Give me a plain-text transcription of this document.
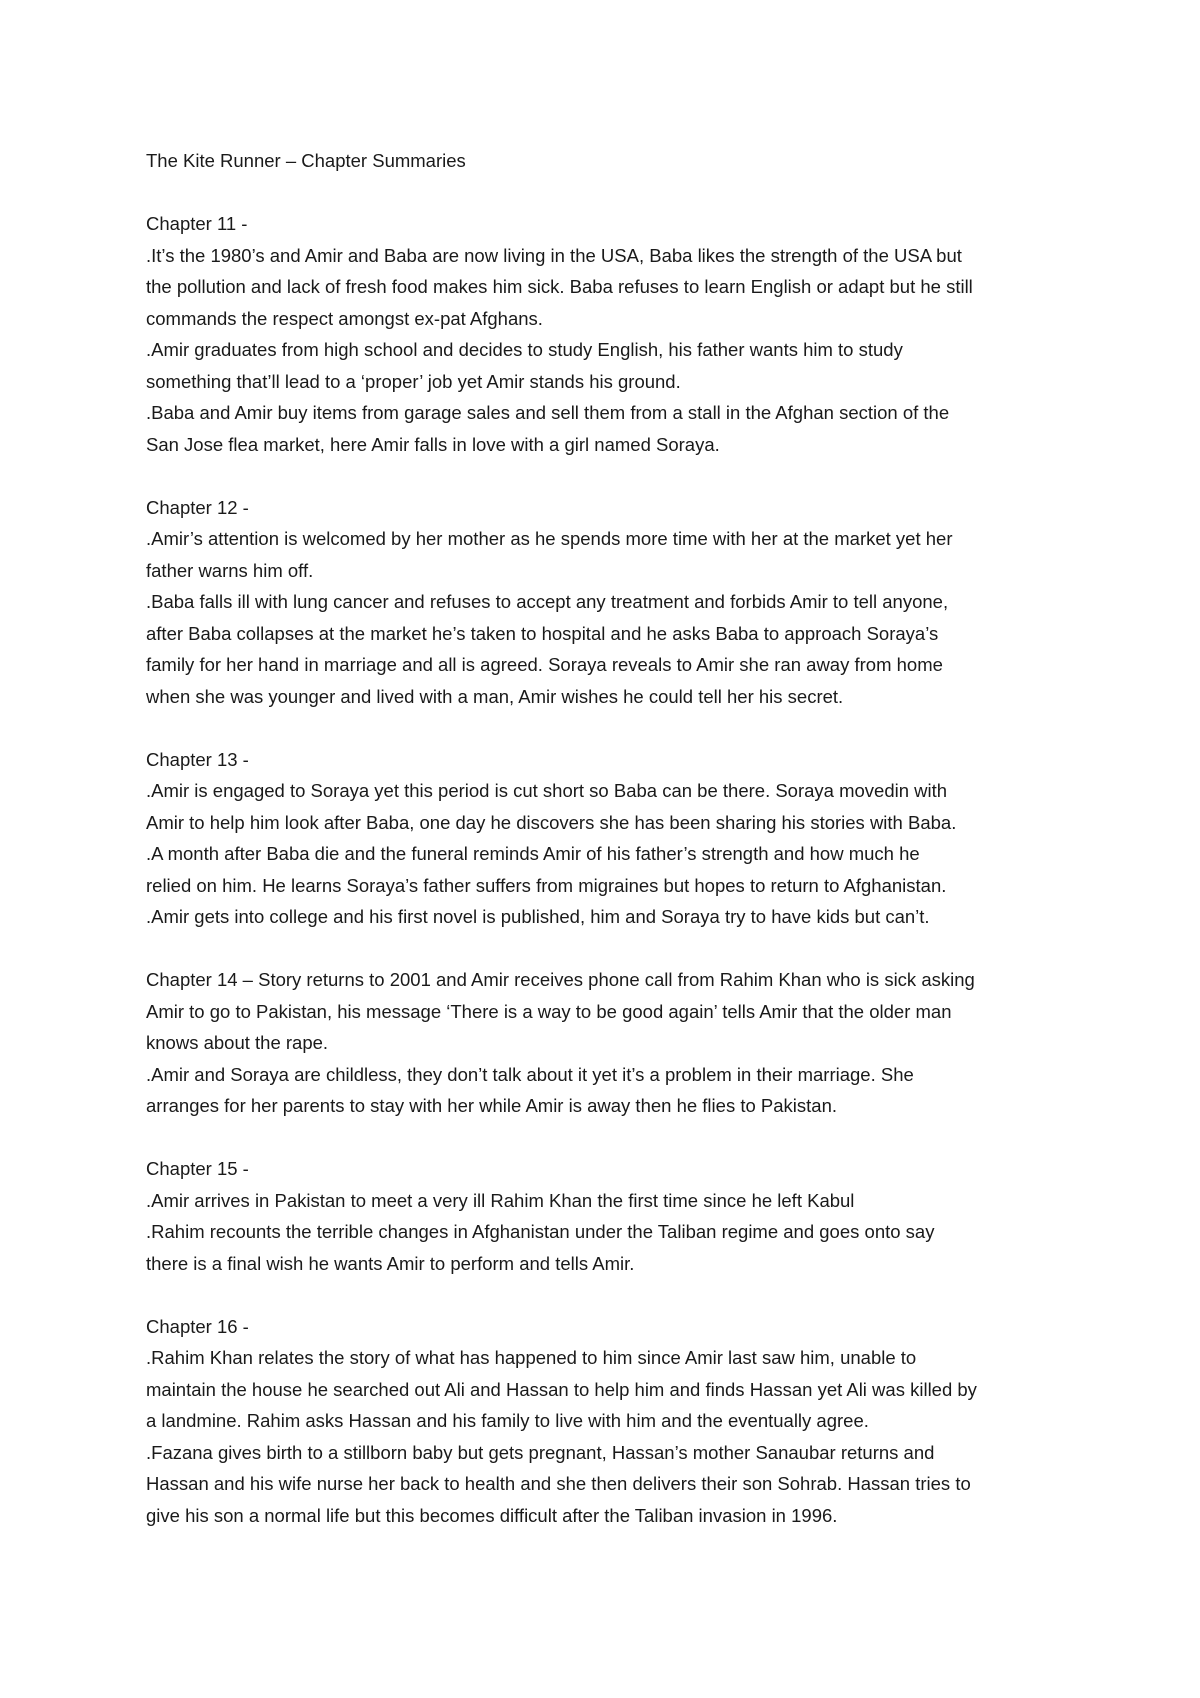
The Kite Runner – Chapter Summaries
Chapter 11 -
.It’s the 1980’s and Amir and Baba are now living in the USA, Baba likes the strength of the USA but
the pollution and lack of fresh food makes him sick. Baba refuses to learn English or adapt but he still
commands the respect amongst ex-pat Afghans.
.Amir graduates from high school and decides to study English, his father wants him to study
something that’ll lead to a ‘proper’ job yet Amir stands his ground.
.Baba and Amir buy items from garage sales and sell them from a stall in the Afghan section of the
San Jose flea market, here Amir falls in love with a girl named Soraya.
Chapter 12 -
.Amir’s attention is welcomed by her mother as he spends more time with her at the market yet her
father warns him off.
.Baba falls ill with lung cancer and refuses to accept any treatment and forbids Amir to tell anyone,
after Baba collapses at the market he’s taken to hospital and he asks Baba to approach Soraya’s
family for her hand in marriage and all is agreed. Soraya reveals to Amir she ran away from home
when she was younger and lived with a man, Amir wishes he could tell her his secret.
Chapter 13 -
.Amir is engaged to Soraya yet this period is cut short so Baba can be there. Soraya movedin with
Amir to help him look after Baba, one day he discovers she has been sharing his stories with Baba.
.A month after Baba die and the funeral reminds Amir of his father’s strength and how much he
relied on him. He learns Soraya’s father suffers from migraines but hopes to return to Afghanistan.
.Amir gets into college and his first novel is published, him and Soraya try to have kids but can’t.
Chapter 14 – Story returns to 2001 and Amir receives phone call from Rahim Khan who is sick asking
Amir to go to Pakistan, his message ‘There is a way to be good again’ tells Amir that the older man
knows about the rape.
.Amir and Soraya are childless, they don’t talk about it yet it’s a problem in their marriage. She
arranges for her parents to stay with her while Amir is away then he flies to Pakistan.
Chapter 15 -
.Amir arrives in Pakistan to meet a very ill Rahim Khan the first time since he left Kabul
.Rahim recounts the terrible changes in Afghanistan under the Taliban regime and goes onto say
there is a final wish he wants Amir to perform and tells Amir.
Chapter 16 -
.Rahim Khan relates the story of what has happened to him since Amir last saw him, unable to
maintain the house he searched out Ali and Hassan to help him and finds Hassan yet Ali was killed by
a landmine. Rahim asks Hassan and his family to live with him and the eventually agree.
.Fazana gives birth to a stillborn baby but gets pregnant, Hassan’s mother Sanaubar returns and
Hassan and his wife nurse her back to health and she then delivers their son Sohrab. Hassan tries to
give his son a normal life but this becomes difficult after the Taliban invasion in 1996.
